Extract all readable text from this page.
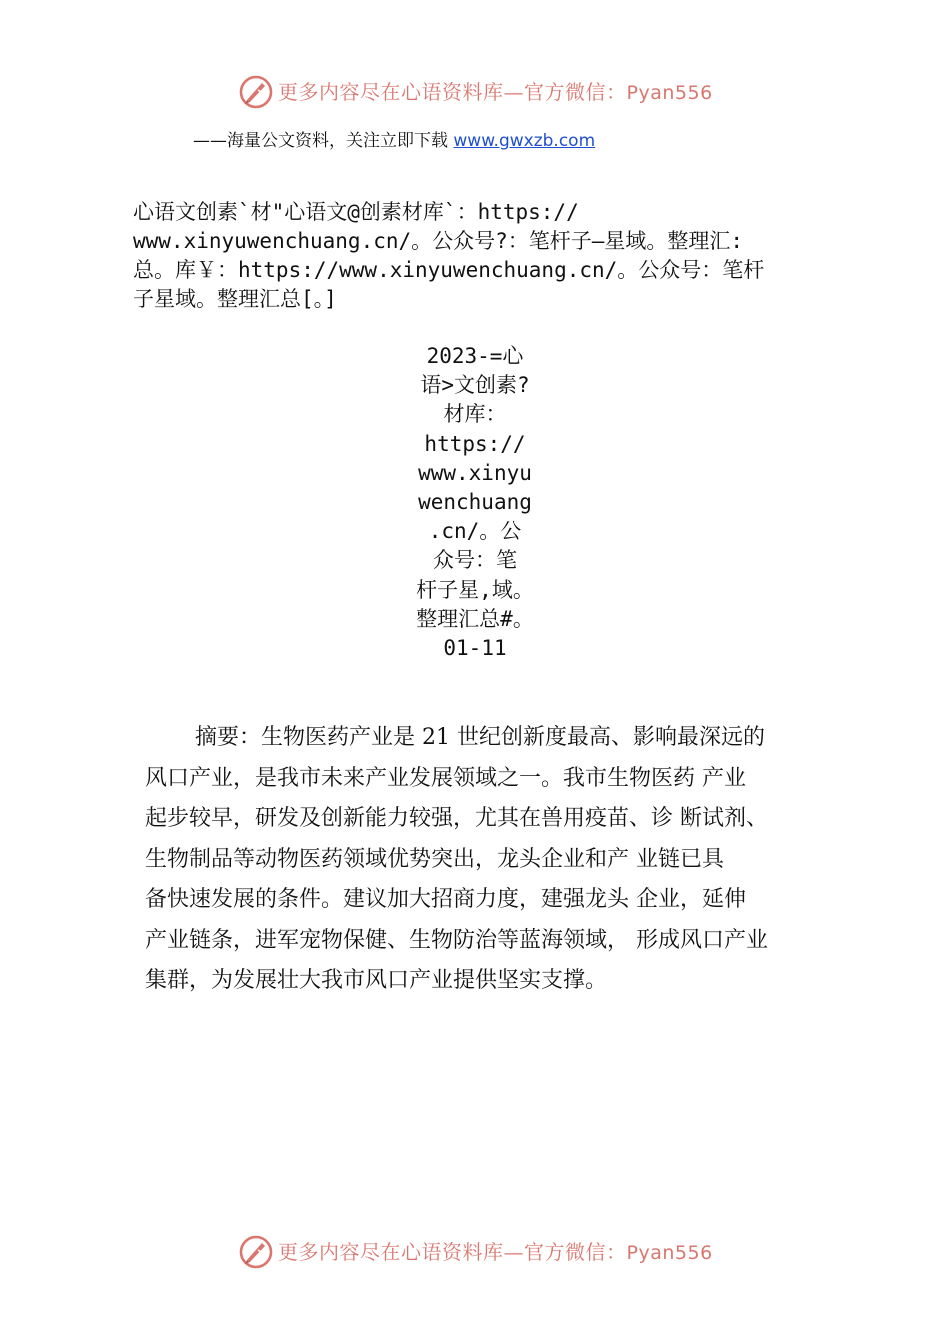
更多内容尽在心语资料库—官方微信：Pyan556
——海量公文资料，关注立即下载 www.gwxzb.com
心语文创素`材"心语文@创素材库`：https://
www.xinyuwenchuang.cn/。公众号?：笔杆子—星域。整理汇:
总。库￥：https://www.xinyuwenchuang.cn/。公众号：笔杆
子星域。整理汇总[。]
2023-=心
语>文创素?
材库：
https://
www.xinyu
wenchuang
.cn/。公
众号：笔
杆子星,域。
整理汇总#。
01-11
摘要：生物医药产业是 21 世纪创新度最高、影响最深远的
风口产业，是我市未来产业发展领域之一。我市生物医药 产业
起步较早，研发及创新能力较强，尤其在兽用疫苗、诊 断试剂、
生物制品等动物医药领域优势突出，龙头企业和产 业链已具
备快速发展的条件。建议加大招商力度，建强龙头 企业，延伸
产业链条，进军宠物保健、生物防治等蓝海领域， 形成风口产业
集群，为发展壮大我市风口产业提供坚实支撑。
更多内容尽在心语资料库—官方微信：Pyan556
